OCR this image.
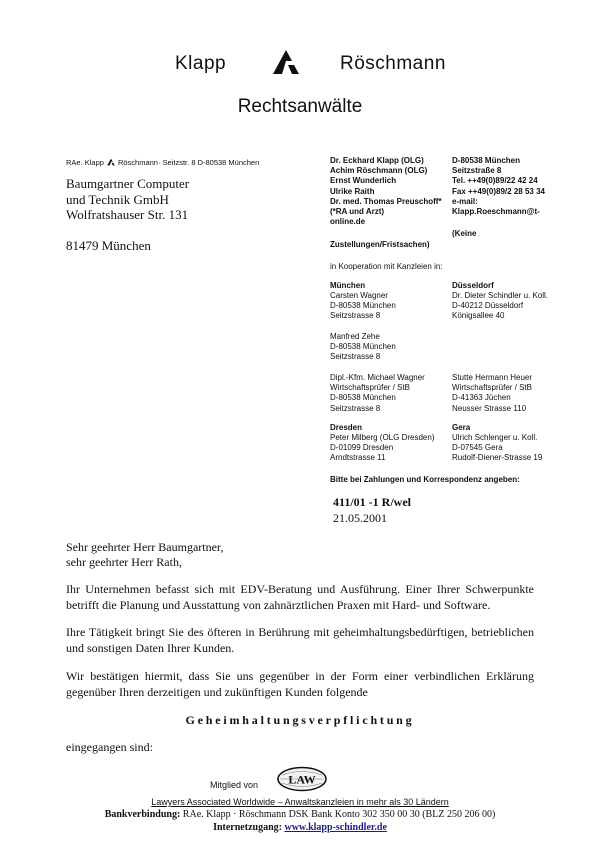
Klapp	Röschmann
Rechtsanwälte
RAe. Klapp Röschmann· Seitzstr. 8 D-80538 München
Baumgartner Computer
und Technik GmbH
Wolfratshauser Str. 131
81479 München
Dr. Eckhard Klapp (OLG)
Achim Röschmann (OLG)
Ernst Wunderlich
Ulrike Raith
Dr. med. Thomas Preuschoff*
(*RA und Arzt)
online.de
D-80538 München
Seitzstraße 8
Tel. ++49(0)89/22 42 24
Fax ++49(0)89/2 28 53 34
e-mail:
Klapp.Roeschmann@t-
(Keine
Zustellungen/Fristsachen)
in Kooperation mit Kanzleien in:
München
Carsten Wagner
D-80538 München
Seitzstrasse 8
Düsseldorf
Dr. Dieter Schindler u. Koll.
D-40212 Düsseldorf
Königsallee 40
Manfred Zehe
D-80538 München
Seitzstrasse 8
Dipl.-Kfm. Michael Wagner
Wirtschaftsprüfer / StB
D-80538 München
Seitzstrasse 8
Stutte Hermann Heuer
Wirtschaftsprüfer / StB
D-41363 Jüchen
Neusser Strasse 110
Dresden
Peter Milberg (OLG Dresden)
D-01099 Dresden
Arndtstrasse 11
Gera
Ulrich Schlenger u. Koll.
D-07545 Gera
Rudolf-Diener-Strasse 19
Bitte bei Zahlungen und Korrespondenz angeben:
411/01 -1 R/wel
21.05.2001
Sehr geehrter Herr Baumgartner,
sehr geehrter Herr Rath,
Ihr Unternehmen befasst sich mit EDV-Beratung und Ausführung. Einer Ihrer Schwerpunkte betrifft die Planung und Ausstattung von zahnärztlichen Praxen mit Hard- und Software.
Ihre Tätigkeit bringt Sie des öfteren in Berührung mit geheimhaltungsbedürftigen, betrieblichen und sonstigen Daten Ihrer Kunden.
Wir bestätigen hiermit, dass Sie uns gegenüber in der Form einer verbindlichen Erklärung gegenüber Ihren derzeitigen und zukünftigen Kunden folgende
Geheimhaltungsverpflichtung
eingegangen sind:
Mitglied von	LAW
Lawyers Associated Worldwide – Anwaltskanzleien in mehr als 30 Ländern
Bankverbindung: RAe. Klapp · Röschmann DSK Bank Konto 302 350 00 30 (BLZ 250 206 00)
Internetzugang: www.klapp-schindler.de
